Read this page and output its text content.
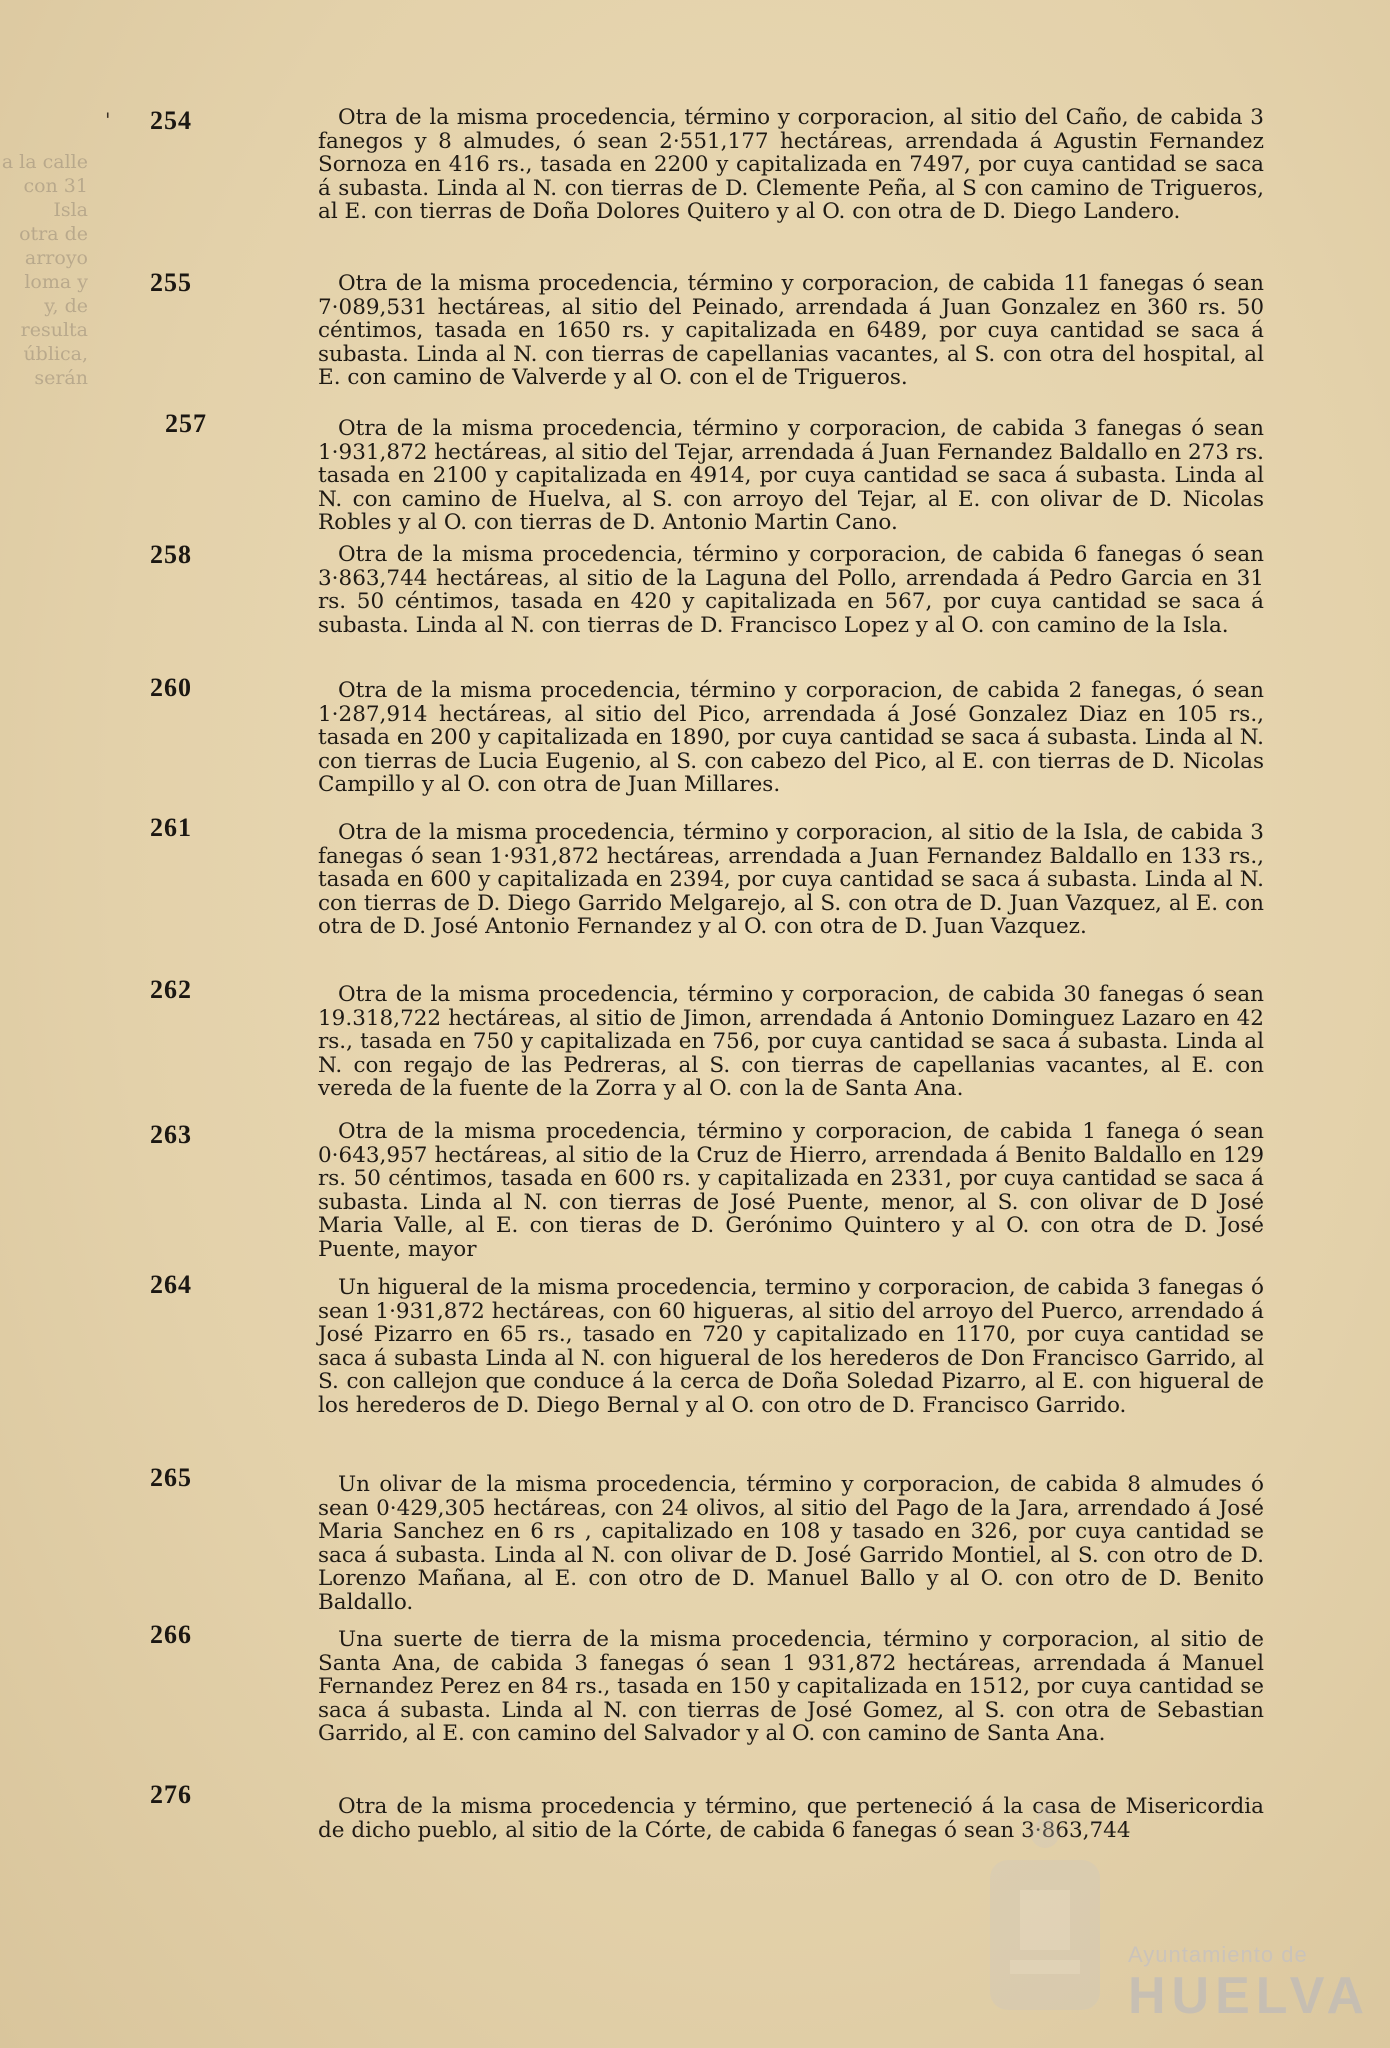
a la calle
con 31
Isla
otra de
arroyo
loma y
y, de
resulta
ública,
serán
' 254	Otra de la misma procedencia, término y corporacion, al sitio del Caño, de cabida 3 fanegos y 8 almudes, ó sean 2·551,177 hectáreas, arrendada á Agustin Fernandez Sornoza en 416 rs., tasada en 2200 y capitalizada en 7497, por cuya cantidad se saca á subasta. Linda al N. con tierras de D. Clemente Peña, al S con camino de Trigueros, al E. con tierras de Doña Dolores Quitero y al O. con otra de D. Diego Landero.

255	Otra de la misma procedencia, término y corporacion, de cabida 11 fanegas ó sean 7·089,531 hectáreas, al sitio del Peinado, arrendada á Juan Gonzalez en 360 rs. 50 céntimos, tasada en 1650 rs. y capitalizada en 6489, por cuya cantidad se saca á subasta. Linda al N. con tierras de capellanias vacantes, al S. con otra del hospital, al E. con camino de Valverde y al O. con el de Trigueros.

257	Otra de la misma procedencia, término y corporacion, de cabida 3 fanegas ó sean 1·931,872 hectáreas, al sitio del Tejar, arrendada á Juan Fernandez Baldallo en 273 rs. tasada en 2100 y capitalizada en 4914, por cuya cantidad se saca á subasta. Linda al N. con camino de Huelva, al S. con arroyo del Tejar, al E. con olivar de D. Nicolas Robles y al O. con tierras de D. Antonio Martin Cano.

258	Otra de la misma procedencia, término y corporacion, de cabida 6 fanegas ó sean 3·863,744 hectáreas, al sitio de la Laguna del Pollo, arrendada á Pedro Garcia en 31 rs. 50 céntimos, tasada en 420 y capitalizada en 567, por cuya cantidad se saca á subasta. Linda al N. con tierras de D. Francisco Lopez y al O. con camino de la Isla.

260	Otra de la misma procedencia, término y corporacion, de cabida 2 fanegas, ó sean 1·287,914 hectáreas, al sitio del Pico, arrendada á José Gonzalez Diaz en 105 rs., tasada en 200 y capitalizada en 1890, por cuya cantidad se saca á subasta. Linda al N. con tierras de Lucia Eugenio, al S. con cabezo del Pico, al E. con tierras de D. Nicolas Campillo y al O. con otra de Juan Millares.

261	Otra de la misma procedencia, término y corporacion, al sitio de la Isla, de cabida 3 fanegas ó sean 1·931,872 hectáreas, arrendada a Juan Fernandez Baldallo en 133 rs., tasada en 600 y capitalizada en 2394, por cuya cantidad se saca á subasta. Linda al N. con tierras de D. Diego Garrido Melgarejo, al S. con otra de D. Juan Vazquez, al E. con otra de D. José Antonio Fernandez y al O. con otra de D. Juan Vazquez.

262	Otra de la misma procedencia, término y corporacion, de cabida 30 fanegas ó sean 19.318,722 hectáreas, al sitio de Jimon, arrendada á Antonio Dominguez Lazaro en 42 rs., tasada en 750 y capitalizada en 756, por cuya cantidad se saca á subasta. Linda al N. con regajo de las Pedreras, al S. con tierras de capellanias vacantes, al E. con vereda de la fuente de la Zorra y al O. con la de Santa Ana.

263	Otra de la misma procedencia, término y corporacion, de cabida 1 fanega ó sean 0·643,957 hectáreas, al sitio de la Cruz de Hierro, arrendada á Benito Baldallo en 129 rs. 50 céntimos, tasada en 600 rs. y capitalizada en 2331, por cuya cantidad se saca á subasta. Linda al N. con tierras de José Puente, menor, al S. con olivar de D José Maria Valle, al E. con tieras de D. Gerónimo Quintero y al O. con otra de D. José Puente, mayor

264	Un higueral de la misma procedencia, termino y corporacion, de cabida 3 fanegas ó sean 1·931,872 hectáreas, con 60 higueras, al sitio del arroyo del Puerco, arrendado á José Pizarro en 65 rs., tasado en 720 y capitalizado en 1170, por cuya cantidad se saca á subasta Linda al N. con higueral de los herederos de Don Francisco Garrido, al S. con callejon que conduce á la cerca de Doña Soledad Pizarro, al E. con higueral de los herederos de D. Diego Bernal y al O. con otro de D. Francisco Garrido.

265	Un olivar de la misma procedencia, término y corporacion, de cabida 8 almudes ó sean 0·429,305 hectáreas, con 24 olivos, al sitio del Pago de la Jara, arrendado á José Maria Sanchez en 6 rs , capitalizado en 108 y tasado en 326, por cuya cantidad se saca á subasta. Linda al N. con olivar de D. José Garrido Montiel, al S. con otro de D. Lorenzo Mañana, al E. con otro de D. Manuel Ballo y al O. con otro de D. Benito Baldallo.

266	Una suerte de tierra de la misma procedencia, término y corporacion, al sitio de Santa Ana, de cabida 3 fanegas ó sean 1 931,872 hectáreas, arrendada á Manuel Fernandez Perez en 84 rs., tasada en 150 y capitalizada en 1512, por cuya cantidad se saca á subasta. Linda al N. con tierras de José Gomez, al S. con otra de Sebastian Garrido, al E. con camino del Salvador y al O. con camino de Santa Ana.

276	Otra de la misma procedencia y término, que perteneció á la casa de Misericordia de dicho pueblo, al sitio de la Córte, de cabida 6 fanegas ó sean 3·863,744

Ayuntamiento de
HUELVA
